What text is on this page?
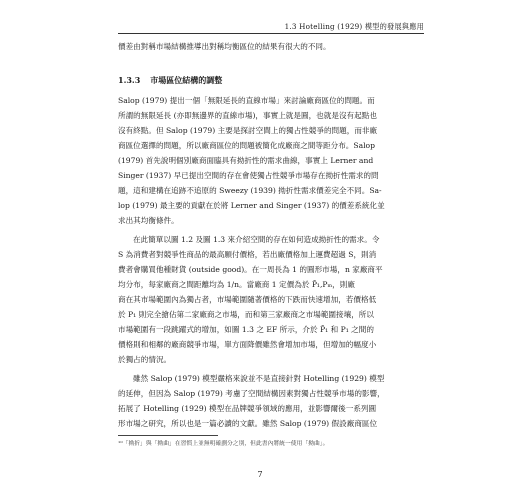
1.3 Hotelling (1929) 模型的發展與應用
價差由對稱市場結構推導出對稱均衡區位的結果有很大的不同。
1.3.3 市場區位結構的調整
Salop (1979) 提出一個「無限延長的直線市場」來討論廠商區位的問題。而
所謂的無限延長 (亦即無邊界的直線市場)，事實上就是圓，也就是沒有起點也
沒有終點。但 Salop (1979) 主要是探討空間上的獨占性競爭的問題，而非廠
商區位選擇的問題，所以廠商區位的問題被簡化成廠商之間等距分布。Salop
(1979) 首先說明個別廠商面臨具有拗折性的需求曲線，事實上 Lerner and
Singer (1937) 早已提出空間的存在會使獨占性競爭市場存在拗折性需求的問
題，這和建構在追跡不追原的 Sweezy (1939) 拗折性需求價差完全不同。Sa-
lop (1979) 最主要的貢獻在於將 Lerner and Singer (1937) 的價差系統化並
求出其均衡條件。
在此簡單以圖 1.2 及圖 1.3 來介紹空間的存在如何造成拗折性的需求。令
S 為消費者對競爭性商品的最高願付價格，若出廠價格加上運費超過 S，則消
費者會購買他種財貨 (outside good)。在一周長為 1 的圓形市場，n 家廠商平
均分布，每家廠商之間距離均為 1/n。當廠商 1 定價為於 P̄₁,Pₘ，則廠
商在其市場範圍內為獨占者，市場範圍隨著價格的下跌而快速增加，若價格低
於 P₁ 則完全搶佔第二家廠商之市場，而和第三家廠商之市場範圍接壤，所以
市場範圍有一段跳躍式的增加，如圖 1.3 之 EF 所示，介於 P̄₁ 和 P₁ 之間的
價格則和相鄰的廠商競爭市場，單方面降價雖然會增加市場，但增加的幅度小
於獨占的情況。
雖然 Salop (1979) 模型嚴格來說並不是直接針對 Hotelling (1929) 模型
的延伸，但因為 Salop (1979) 考慮了空間結構因素對獨占性競爭市場的影響，
拓展了 Hotelling (1929) 模型在品牌競爭領域的應用，並影響爾後一系列圓
形市場之研究，所以也是一篇必讀的文獻。雖然 Salop (1979) 假設廠商區位
¹⁰「拗折」與「拗曲」在習慣上並無明確劃分之別，但此書內將統一使用「拗曲」。
7
